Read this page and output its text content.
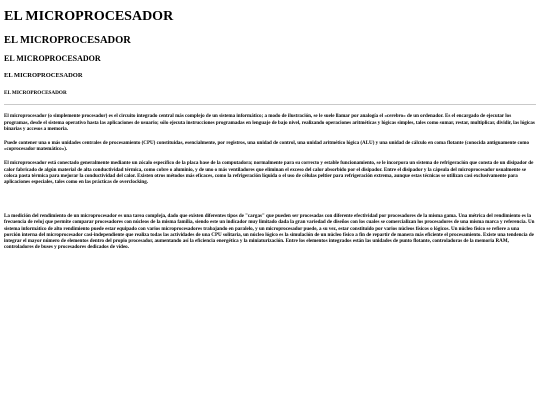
EL MICROPROCESADOR
EL MICROPROCESADOR
EL MICROPROCESADOR
EL MICROPROCESADOR
EL MICROPROCESADOR

El microprocesador (o simplemente procesador) es el circuito integrado central más complejo de un sistema informático; a modo de ilustración, se le suele llamar por analogía el «cerebro» de un ordenador. Es el encargado de ejecutar los programas, desde el sistema operativo hasta las aplicaciones de usuario; sólo ejecuta instrucciones programadas en lenguaje de bajo nivel, realizando operaciones aritméticas y lógicas simples, tales como sumar, restar, multiplicar, dividir, las lógicas binarias y accesos a memoria.

Puede contener una o más unidades centrales de procesamiento (CPU) constituidas, esencialmente, por registros, una unidad de control, una unidad aritmético lógica (ALU) y una unidad de cálculo en coma flotante (conocida antiguamente como «coprocesador matemático»).

El microprocesador está conectado generalmente mediante un zócalo específico de la placa base de la computadora; normalmente para su correcto y estable funcionamiento, se le incorpora un sistema de refrigeración que consta de un disipador de calor fabricado de algún material de alta conductividad térmica, como cobre o aluminio, y de uno o más ventiladores que eliminan el exceso del calor absorbido por el disipador. Entre el disipador y la cápsula del microprocesador usualmente se coloca pasta térmica para mejorar la conductividad del calor. Existen otros métodos más eficaces, como la refrigeración líquida o el uso de células peltier para refrigeración extrema, aunque estas técnicas se utilizan casi exclusivamente para aplicaciones especiales, tales como en las prácticas de overclocking.

La medición del rendimiento de un microprocesador es una tarea compleja, dado que existen diferentes tipos de "cargas" que pueden ser procesadas con diferente efectividad por procesadores de la misma gama. Una métrica del rendimiento es la frecuencia de reloj que permite comparar procesadores con núcleos de la misma familia, siendo este un indicador muy limitado dada la gran variedad de diseños con los cuales se comercializan los procesadores de una misma marca y referencia. Un sistema informático de alto rendimiento puede estar equipado con varios microprocesadores trabajando en paralelo, y un microprocesador puede, a su vez, estar constituido por varios núcleos físicos o lógicos. Un núcleo físico se refiere a una porción interna del microprocesador casi-independiente que realiza todas las actividades de una CPU solitaria, un núcleo lógico es la simulación de un núcleo físico a fin de repartir de manera más eficiente el procesamiento. Existe una tendencia de integrar el mayor número de elementos dentro del propio procesador, aumentando así la eficiencia energética y la miniaturización. Entre los elementos integrados están las unidades de punto flotante, controladoras de la memoria RAM, controladores de buses y procesadores dedicados de vídeo.
